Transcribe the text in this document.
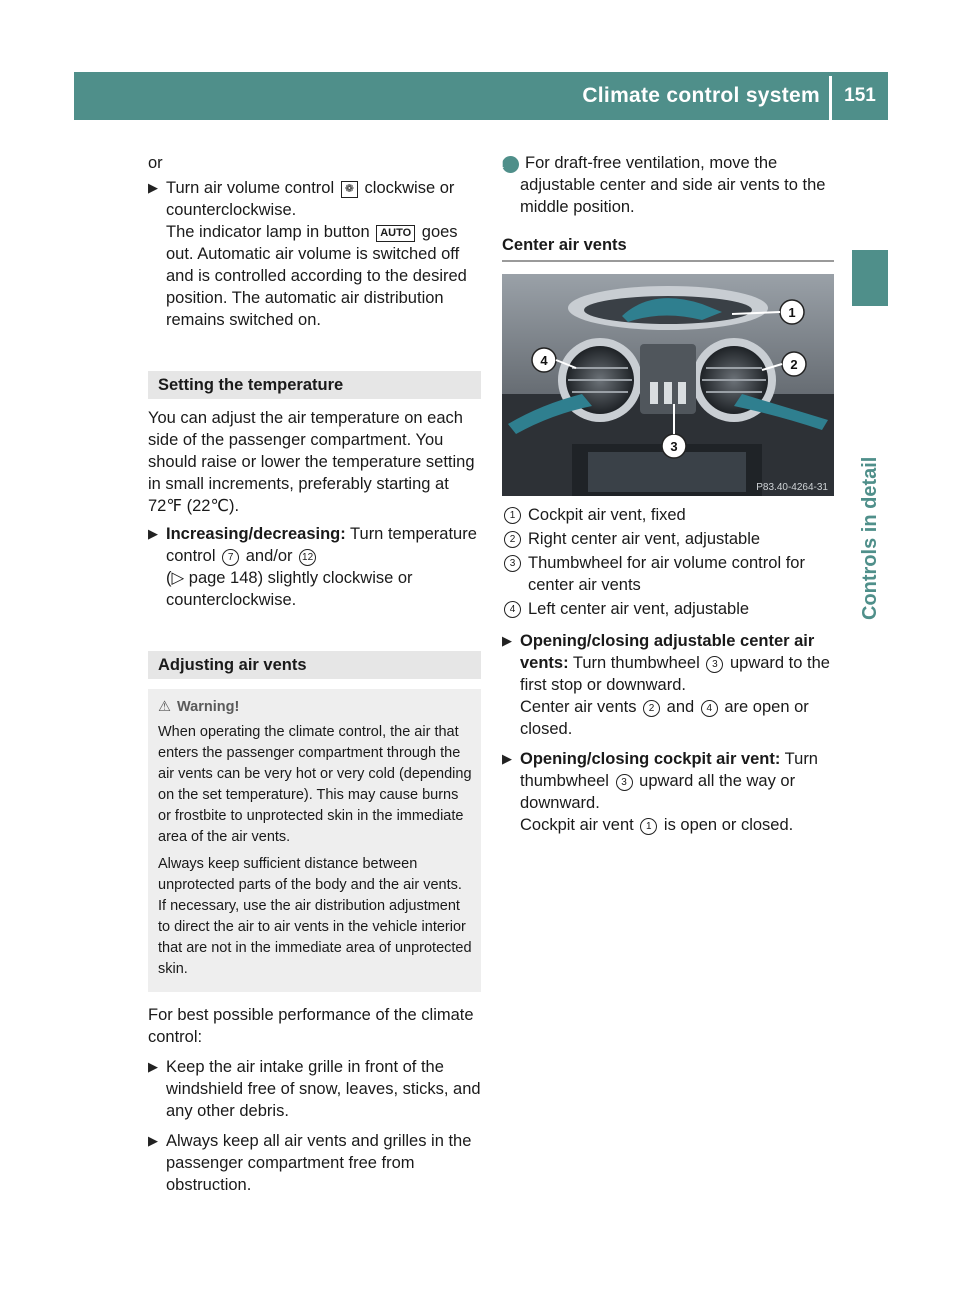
Climate control system	151
Controls in detail

or

▶ Turn air volume control ❁ clockwise or counterclockwise.
The indicator lamp in button AUTO goes out. Automatic air volume is switched off and is controlled according to the desired position. The automatic air distribution remains switched on.
Setting the temperature

You can adjust the air temperature on each side of the passenger compartment. You should raise or lower the temperature setting in small increments, preferably starting at 72℉ (22℃).

▶ Increasing/decreasing: Turn temperature control 7 and/or 12
(▷ page 148) slightly clockwise or counterclockwise.
Adjusting air vents
⚠ Warning!

When operating the climate control, the air that enters the passenger compartment through the air vents can be very hot or very cold (depending on the set temperature). This may cause burns or frostbite to unprotected skin in the immediate area of the air vents.

Always keep sufficient distance between unprotected parts of the body and the air vents. If necessary, use the air distribution adjustment to direct the air to air vents in the vehicle interior that are not in the immediate area of unprotected skin.

For best possible performance of the climate control:

▶ Keep the air intake grille in front of the windshield free of snow, leaves, sticks, and any other debris.
▶ Always keep all air vents and grilles in the passenger compartment free from obstruction.

i For draft-free ventilation, move the adjustable center and side air vents to the middle position.

Center air vents
1
2
3
4
P83.40-4264-31
1 Cockpit air vent, fixed
2 Right center air vent, adjustable
3 Thumbwheel for air volume control for center air vents
4 Left center air vent, adjustable
▶ Opening/closing adjustable center air vents: Turn thumbwheel 3 upward to the first stop or downward.
Center air vents 2 and 4 are open or closed.
▶ Opening/closing cockpit air vent: Turn thumbwheel 3 upward all the way or downward.
Cockpit air vent 1 is open or closed.
